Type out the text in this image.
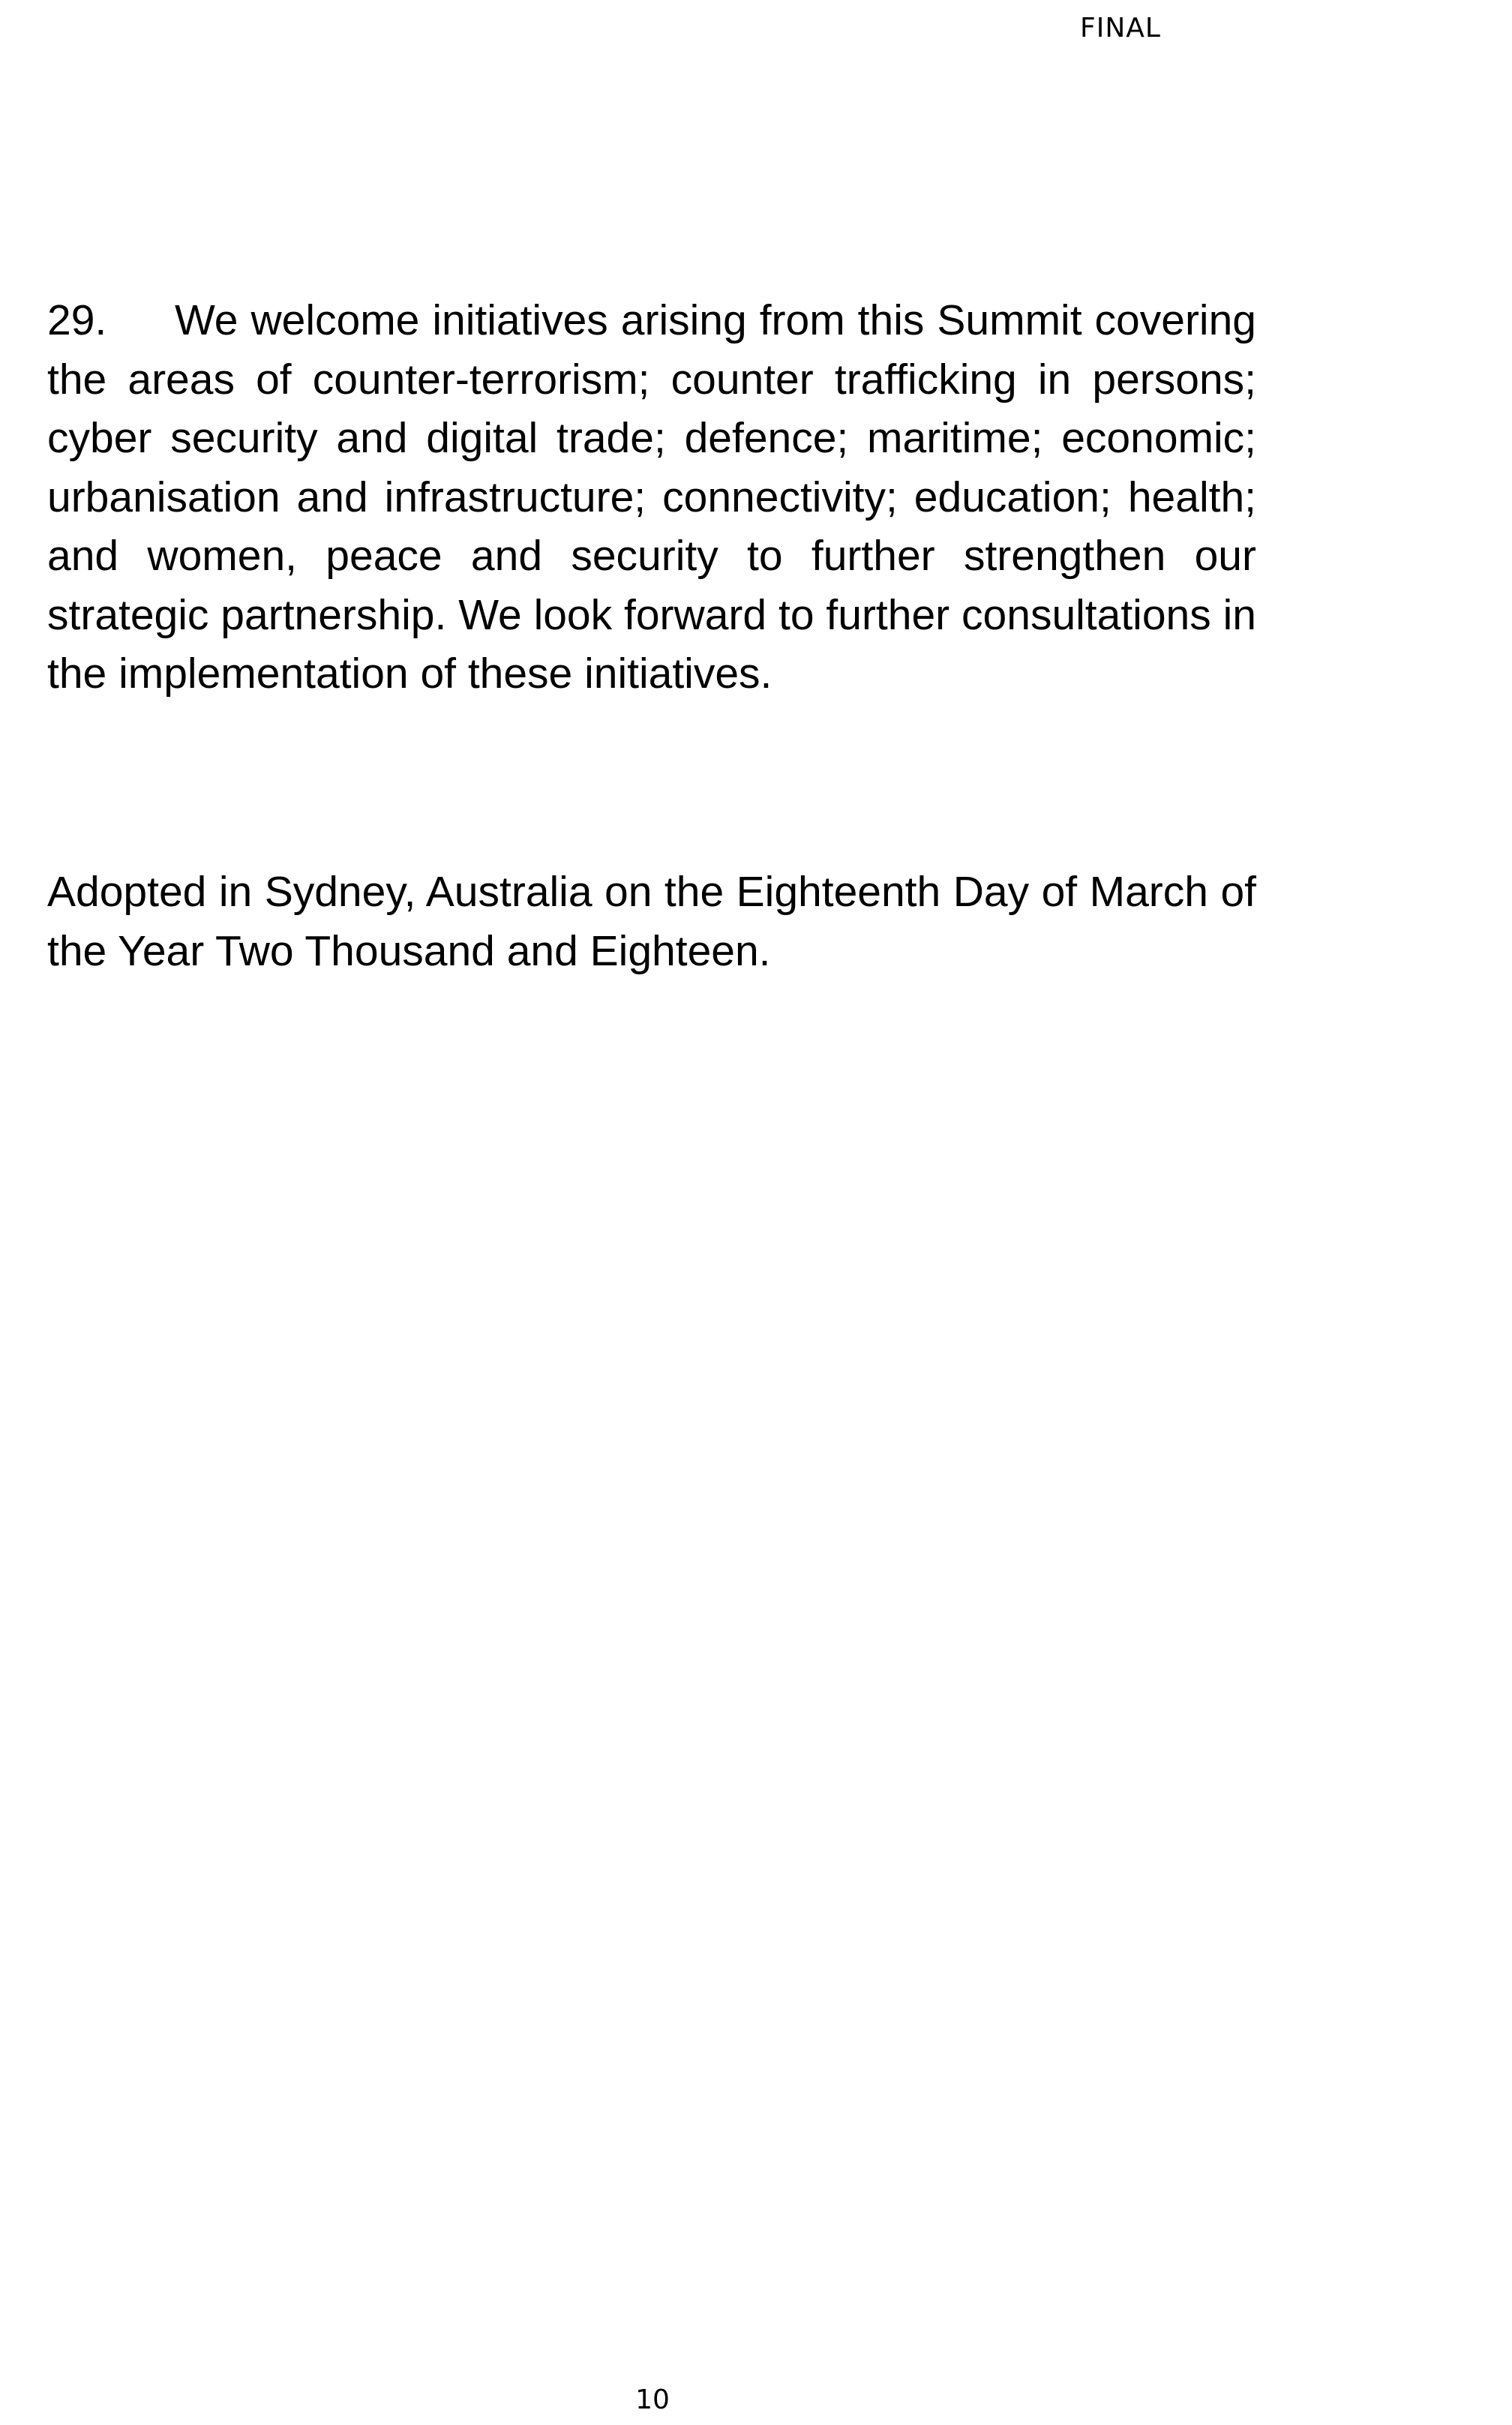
FINAL
29. We welcome initiatives arising from this Summit covering the areas of counter-terrorism; counter trafficking in persons; cyber security and digital trade; defence; maritime; economic; urbanisation and infrastructure; connectivity; education; health; and women, peace and security to further strengthen our strategic partnership. We look forward to further consultations in the implementation of these initiatives.
Adopted in Sydney, Australia on the Eighteenth Day of March of the Year Two Thousand and Eighteen.
10
